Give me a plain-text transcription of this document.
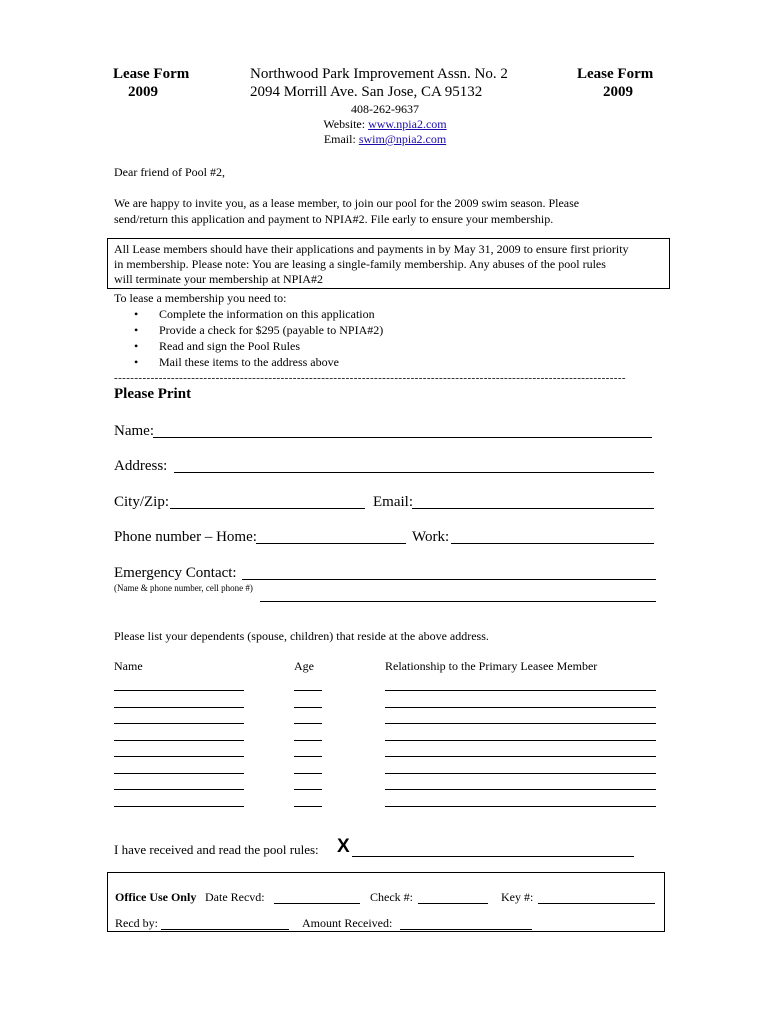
Lease Form
2009
Northwood Park Improvement Assn. No. 2
2094 Morrill Ave. San Jose, CA 95132
Lease Form
2009
408-262-9637
Website: www.npia2.com
Email: swim@npia2.com
Dear friend of Pool #2,
We are happy to invite you, as a lease member, to join our pool for the 2009 swim season. Please
send/return this application and payment to NPIA#2. File early to ensure your membership.
All Lease members should have their applications and payments in by May 31, 2009 to ensure first priority
in membership. Please note: You are leasing a single-family membership. Any abuses of the pool rules
will terminate your membership at NPIA#2
To lease a membership you need to:
• Complete the information on this application
• Provide a check for $295 (payable to NPIA#2)
• Read and sign the Pool Rules
• Mail these items to the address above
------------------------------------------------------------------------------------------------------------------------------
Please Print
Name:
Address:
City/Zip:	Email:
Phone number – Home:	Work:
Emergency Contact:
(Name & phone number, cell phone #)
Please list your dependents (spouse, children) that reside at the above address.
Name	Age	Relationship to the Primary Leasee Member
I have received and read the pool rules: X
Office Use Only Date Recvd:	Check #:	Key #:
Recd by:	Amount Received:
